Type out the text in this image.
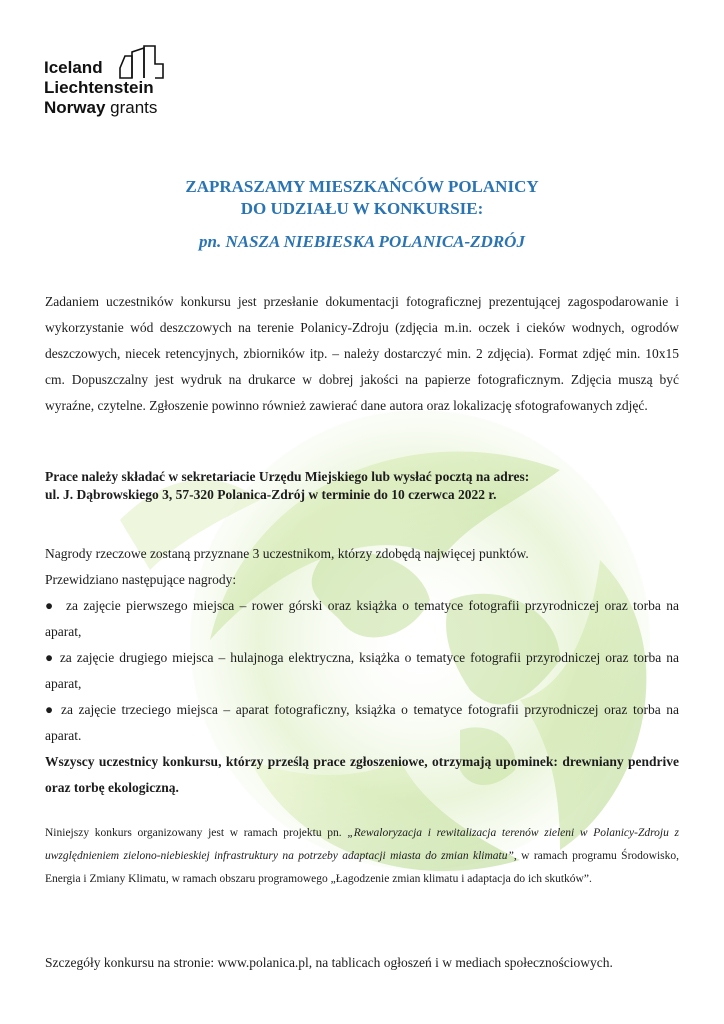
Iceland
Liechtenstein
Norway grants
ZAPRASZAMY MIESZKAŃCÓW POLANICY
DO UDZIAŁU W KONKURSIE:
pn. NASZA NIEBIESKA POLANICA-ZDRÓJ
Zadaniem uczestników konkursu jest przesłanie dokumentacji fotograficznej prezentującej zagospodarowanie i wykorzystanie wód deszczowych na terenie Polanicy-Zdroju (zdjęcia m.in. oczek i cieków wodnych, ogrodów deszczowych, niecek retencyjnych, zbiorników itp. – należy dostarczyć min. 2 zdjęcia). Format zdjęć min. 10x15 cm. Dopuszczalny jest wydruk na drukarce w dobrej jakości na papierze fotograficznym. Zdjęcia muszą być wyraźne, czytelne. Zgłoszenie powinno również zawierać dane autora oraz lokalizację sfotografowanych zdjęć.
Prace należy składać w sekretariacie Urzędu Miejskiego lub wysłać pocztą na adres:
ul. J. Dąbrowskiego 3, 57-320 Polanica-Zdrój w terminie do 10 czerwca 2022 r.
Nagrody rzeczowe zostaną przyznane 3 uczestnikom, którzy zdobędą najwięcej punktów.
Przewidziano następujące nagrody:
● za zajęcie pierwszego miejsca – rower górski oraz książka o tematyce fotografii przyrodniczej oraz torba na aparat,
● za zajęcie drugiego miejsca – hulajnoga elektryczna, książka o tematyce fotografii przyrodniczej oraz torba na aparat,
● za zajęcie trzeciego miejsca – aparat fotograficzny, książka o tematyce fotografii przyrodniczej oraz torba na aparat.
Wszyscy uczestnicy konkursu, którzy prześlą prace zgłoszeniowe, otrzymają upominek: drewniany pendrive oraz torbę ekologiczną.
Niniejszy konkurs organizowany jest w ramach projektu pn. „Rewaloryzacja i rewitalizacja terenów zieleni w Polanicy-Zdroju z uwzględnieniem zielono-niebieskiej infrastruktury na potrzeby adaptacji miasta do zmian klimatu”, w ramach programu Środowisko, Energia i Zmiany Klimatu, w ramach obszaru programowego „Łagodzenie zmian klimatu i adaptacja do ich skutków”.
Szczegóły konkursu na stronie: www.polanica.pl, na tablicach ogłoszeń i w mediach społecznościowych.
